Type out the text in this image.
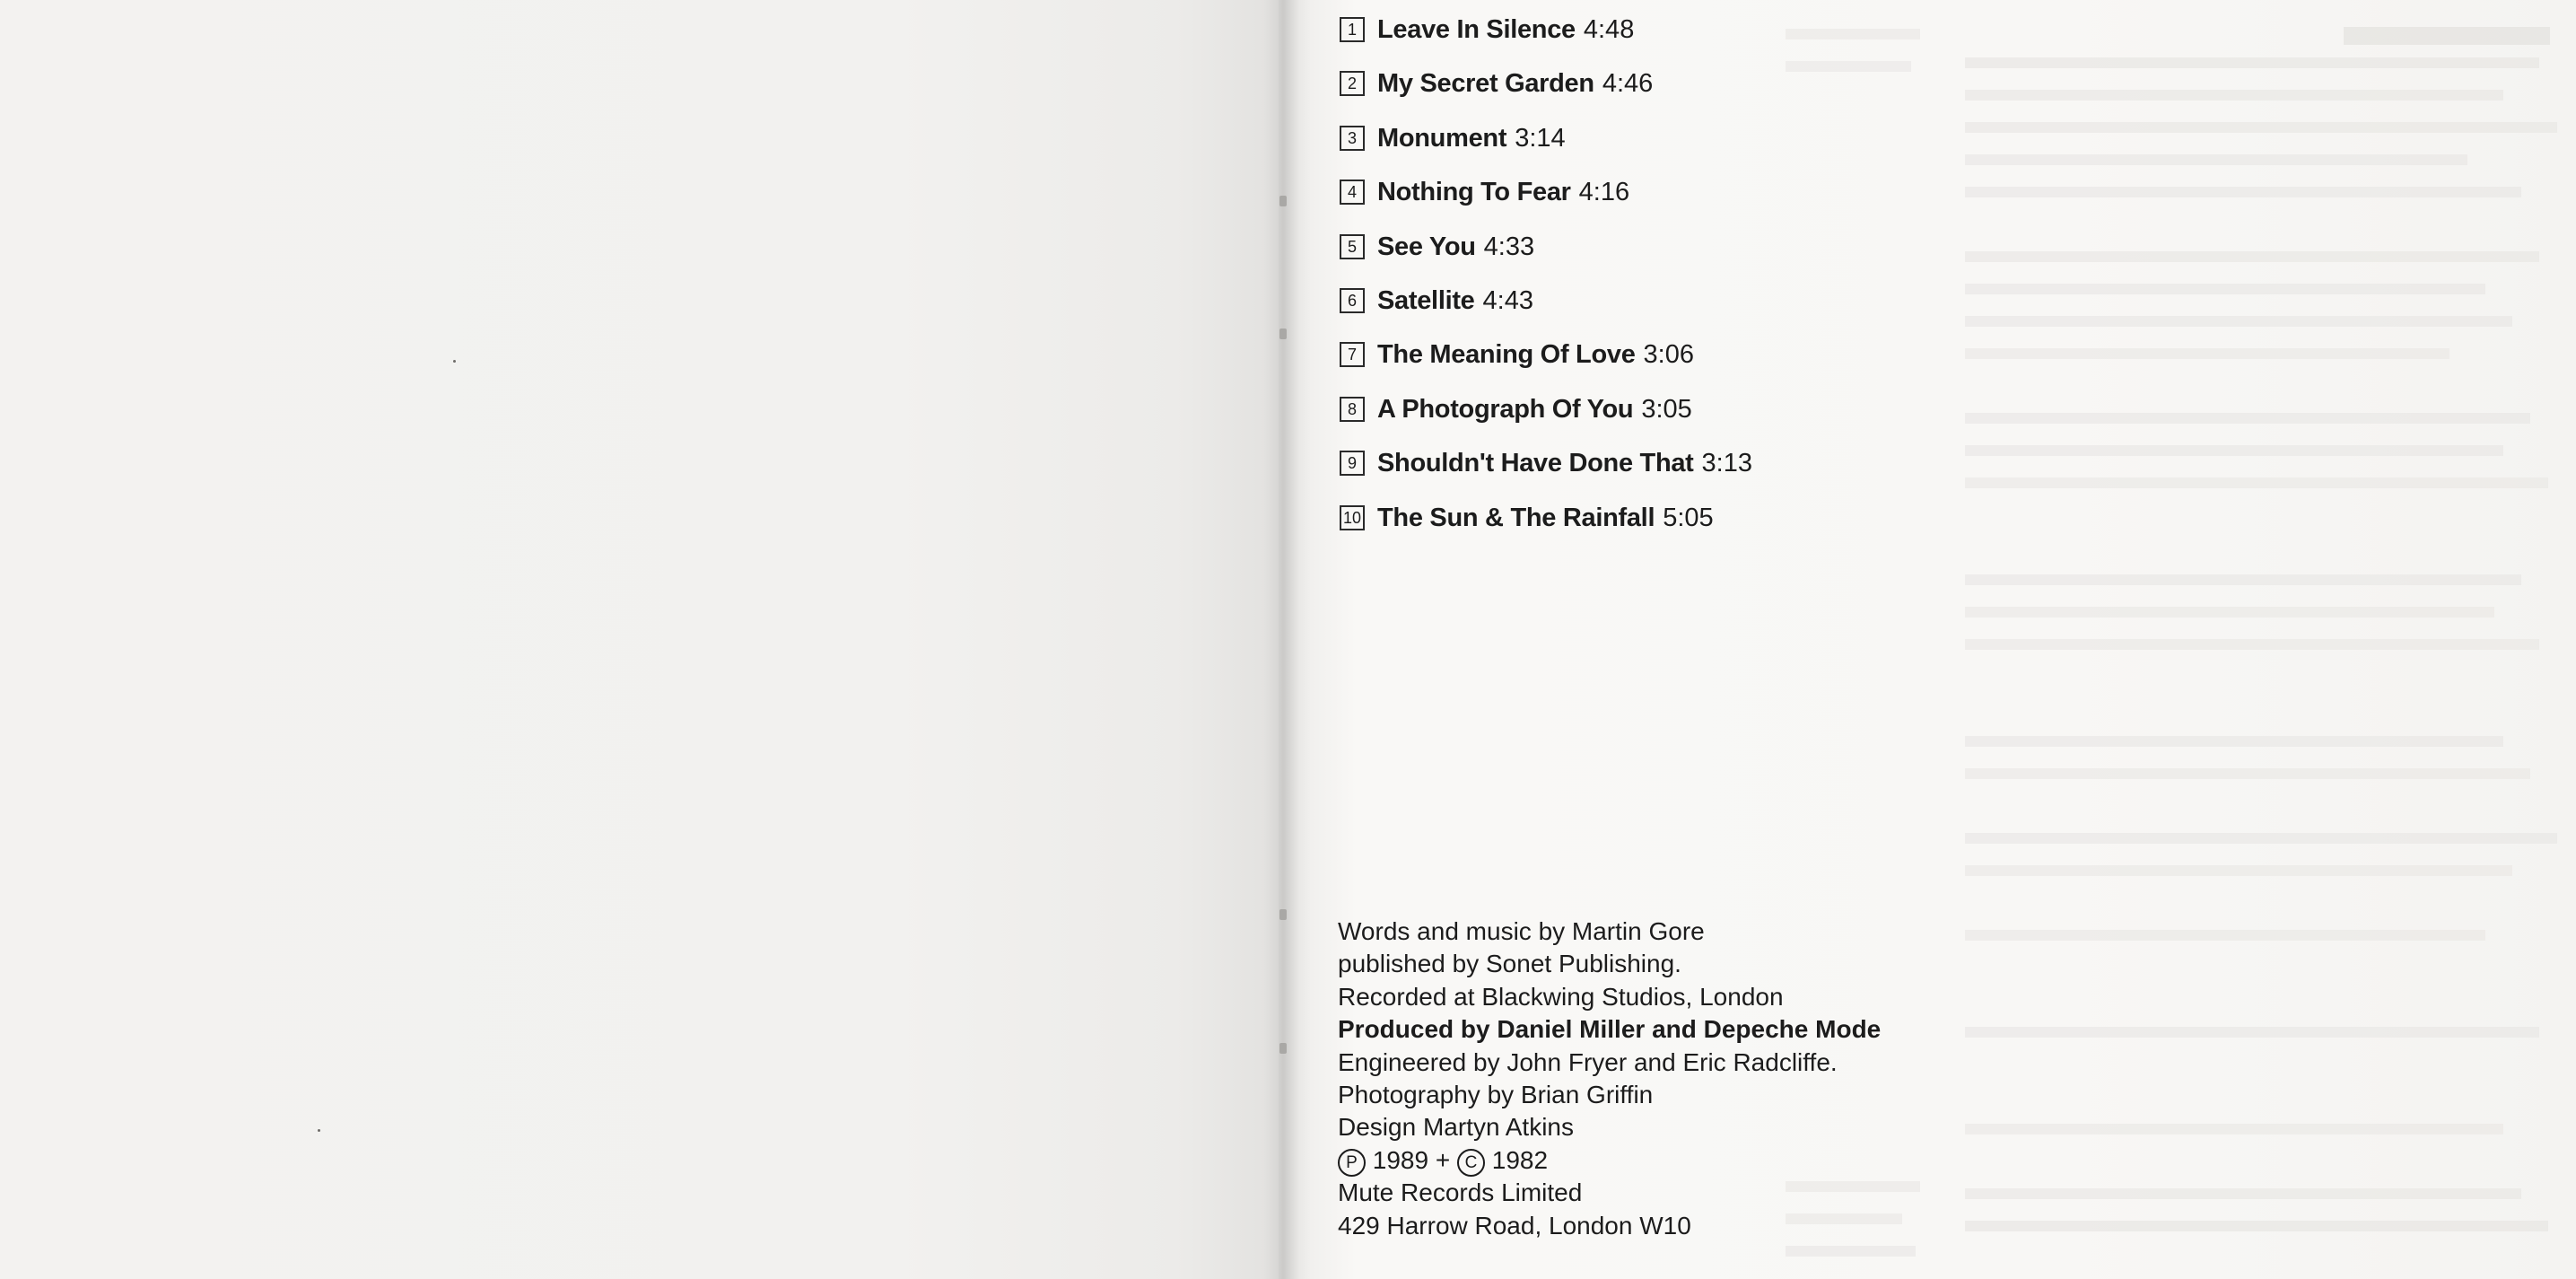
1 Leave In Silence 4:48
2 My Secret Garden 4:46
3 Monument 3:14
4 Nothing To Fear 4:16
5 See You 4:33
6 Satellite 4:43
7 The Meaning Of Love 3:06
8 A Photograph Of You 3:05
9 Shouldn't Have Done That 3:13
10 The Sun & The Rainfall 5:05
Words and music by Martin Gore
published by Sonet Publishing.
Recorded at Blackwing Studios, London
Produced by Daniel Miller and Depeche Mode
Engineered by John Fryer and Eric Radcliffe.
Photography by Brian Griffin
Design Martyn Atkins
P 1989 + C 1982
Mute Records Limited
429 Harrow Road, London W10
